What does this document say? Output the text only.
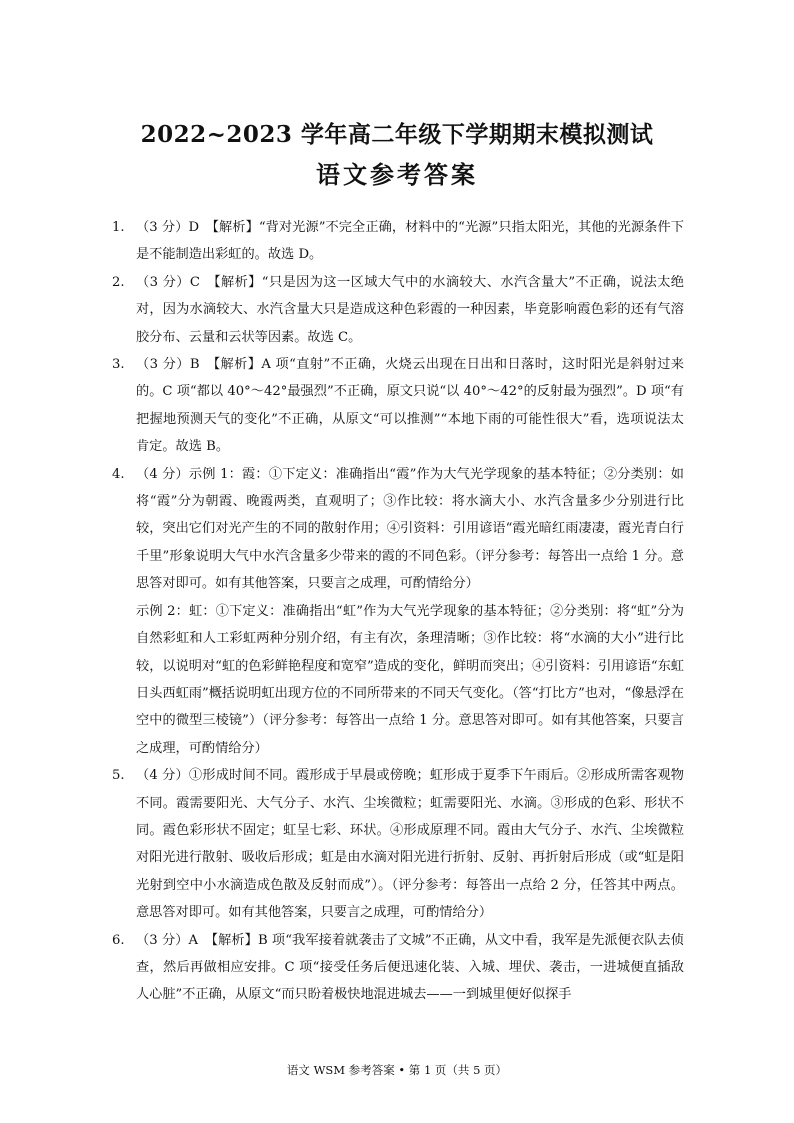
2022~2023 学年高二年级下学期期末模拟测试
语文参考答案
1. （3 分）D　【解析】“背对光源”不完全正确，材料中的“光源”只指太阳光，其他的光源条件下是不能制造出彩虹的。故选 D。
2. （3 分）C　【解析】“只是因为这一区域大气中的水滴较大、水汽含量大”不正确，说法太绝对，因为水滴较大、水汽含量大只是造成这种色彩霞的一种因素，毕竟影响霞色彩的还有气溶胶分布、云量和云状等因素。故选 C。
3. （3 分）B　【解析】A 项“直射”不正确，火烧云出现在日出和日落时，这时阳光是斜射过来的。C 项“都以 40°～42°最强烈”不正确，原文只说“以 40°～42°的反射最为强烈”。D 项“有把握地预测天气的变化”不正确，从原文“可以推测”“本地下雨的可能性很大”看，选项说法太肯定。故选 B。
4. （4 分）示例 1：霞：①下定义：准确指出“霞”作为大气光学现象的基本特征；②分类别：如将“霞”分为朝霞、晚霞两类，直观明了；③作比较：将水滴大小、水汽含量多少分别进行比较，突出它们对光产生的不同的散射作用；④引资料：引用谚语“霞光暗红雨凄凄，霞光青白行千里”形象说明大气中水汽含量多少带来的霞的不同色彩。（评分参考：每答出一点给 1 分。意思答对即可。如有其他答案，只要言之成理，可酌情给分）
示例 2：虹：①下定义：准确指出“虹”作为大气光学现象的基本特征；②分类别：将“虹”分为自然彩虹和人工彩虹两种分别介绍，有主有次，条理清晰；③作比较：将“水滴的大小”进行比较，以说明对“虹的色彩鲜艳程度和宽窄”造成的变化，鲜明而突出；④引资料：引用谚语“东虹日头西虹雨”概括说明虹出现方位的不同所带来的不同天气变化。（答“打比方”也对，“像悬浮在空中的微型三棱镜”）（评分参考：每答出一点给 1 分。意思答对即可。如有其他答案，只要言之成理，可酌情给分）
5. （4 分）①形成时间不同。霞形成于早晨或傍晚；虹形成于夏季下午雨后。②形成所需客观物不同。霞需要阳光、大气分子、水汽、尘埃微粒；虹需要阳光、水滴。③形成的色彩、形状不同。霞色彩形状不固定；虹呈七彩、环状。④形成原理不同。霞由大气分子、水汽、尘埃微粒对阳光进行散射、吸收后形成；虹是由水滴对阳光进行折射、反射、再折射后形成（或“虹是阳光射到空中小水滴造成色散及反射而成”）。（评分参考：每答出一点给 2 分，任答其中两点。意思答对即可。如有其他答案，只要言之成理，可酌情给分）
6. （3 分）A　【解析】B 项“我军接着就袭击了文城”不正确，从文中看，我军是先派便衣队去侦查，然后再做相应安排。C 项“接受任务后便迅速化装、入城、埋伏、袭击，一进城便直插敌人心脏”不正确，从原文“而只盼着极快地混进城去——一到城里便好似探手
语文 WSM 参考答案 • 第 1 页（共 5 页）
